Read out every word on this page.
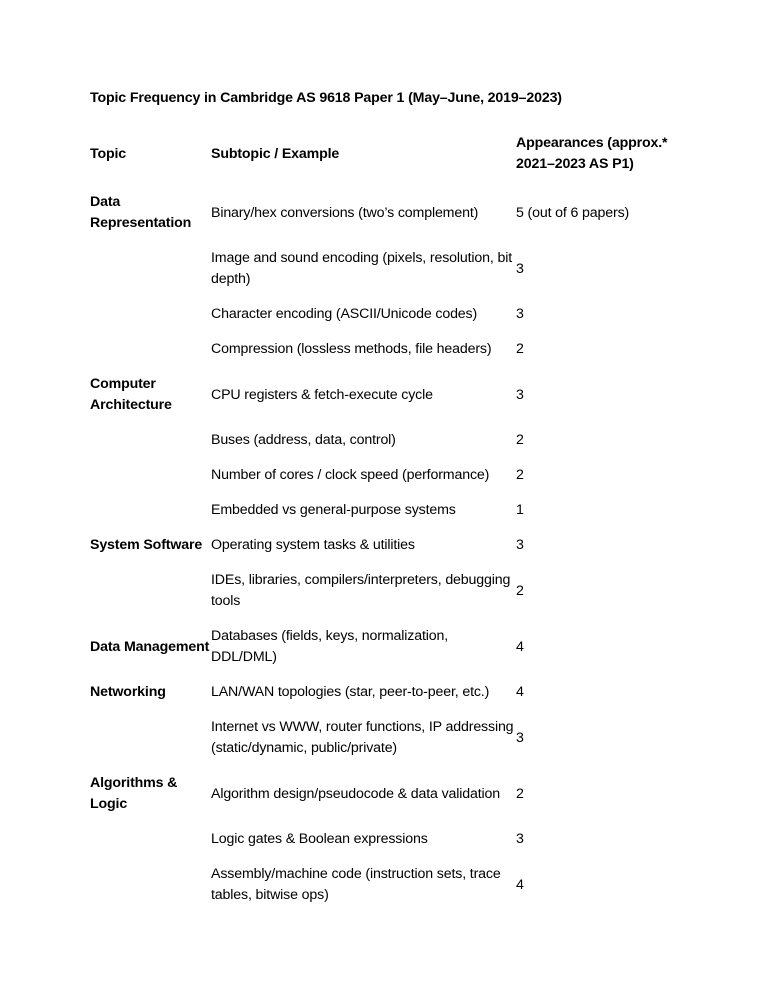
Topic Frequency in Cambridge AS 9618 Paper 1 (May–June, 2019–2023)

Topic	Subtopic / Example	Appearances (approx.* 2021–2023 AS P1)
Data Representation	Binary/hex conversions (two’s complement)	5 (out of 6 papers)
	Image and sound encoding (pixels, resolution, bit depth)	3
	Character encoding (ASCII/Unicode codes)	3
	Compression (lossless methods, file headers)	2
Computer Architecture	CPU registers & fetch-execute cycle	3
	Buses (address, data, control)	2
	Number of cores / clock speed (performance)	2
	Embedded vs general-purpose systems	1
System Software	Operating system tasks & utilities	3
	IDEs, libraries, compilers/interpreters, debugging tools	2
Data Management	Databases (fields, keys, normalization, DDL/DML)	4
Networking	LAN/WAN topologies (star, peer-to-peer, etc.)	4
	Internet vs WWW, router functions, IP addressing (static/dynamic, public/private)	3
Algorithms & Logic	Algorithm design/pseudocode & data validation	2
	Logic gates & Boolean expressions	3
	Assembly/machine code (instruction sets, trace tables, bitwise ops)	4
